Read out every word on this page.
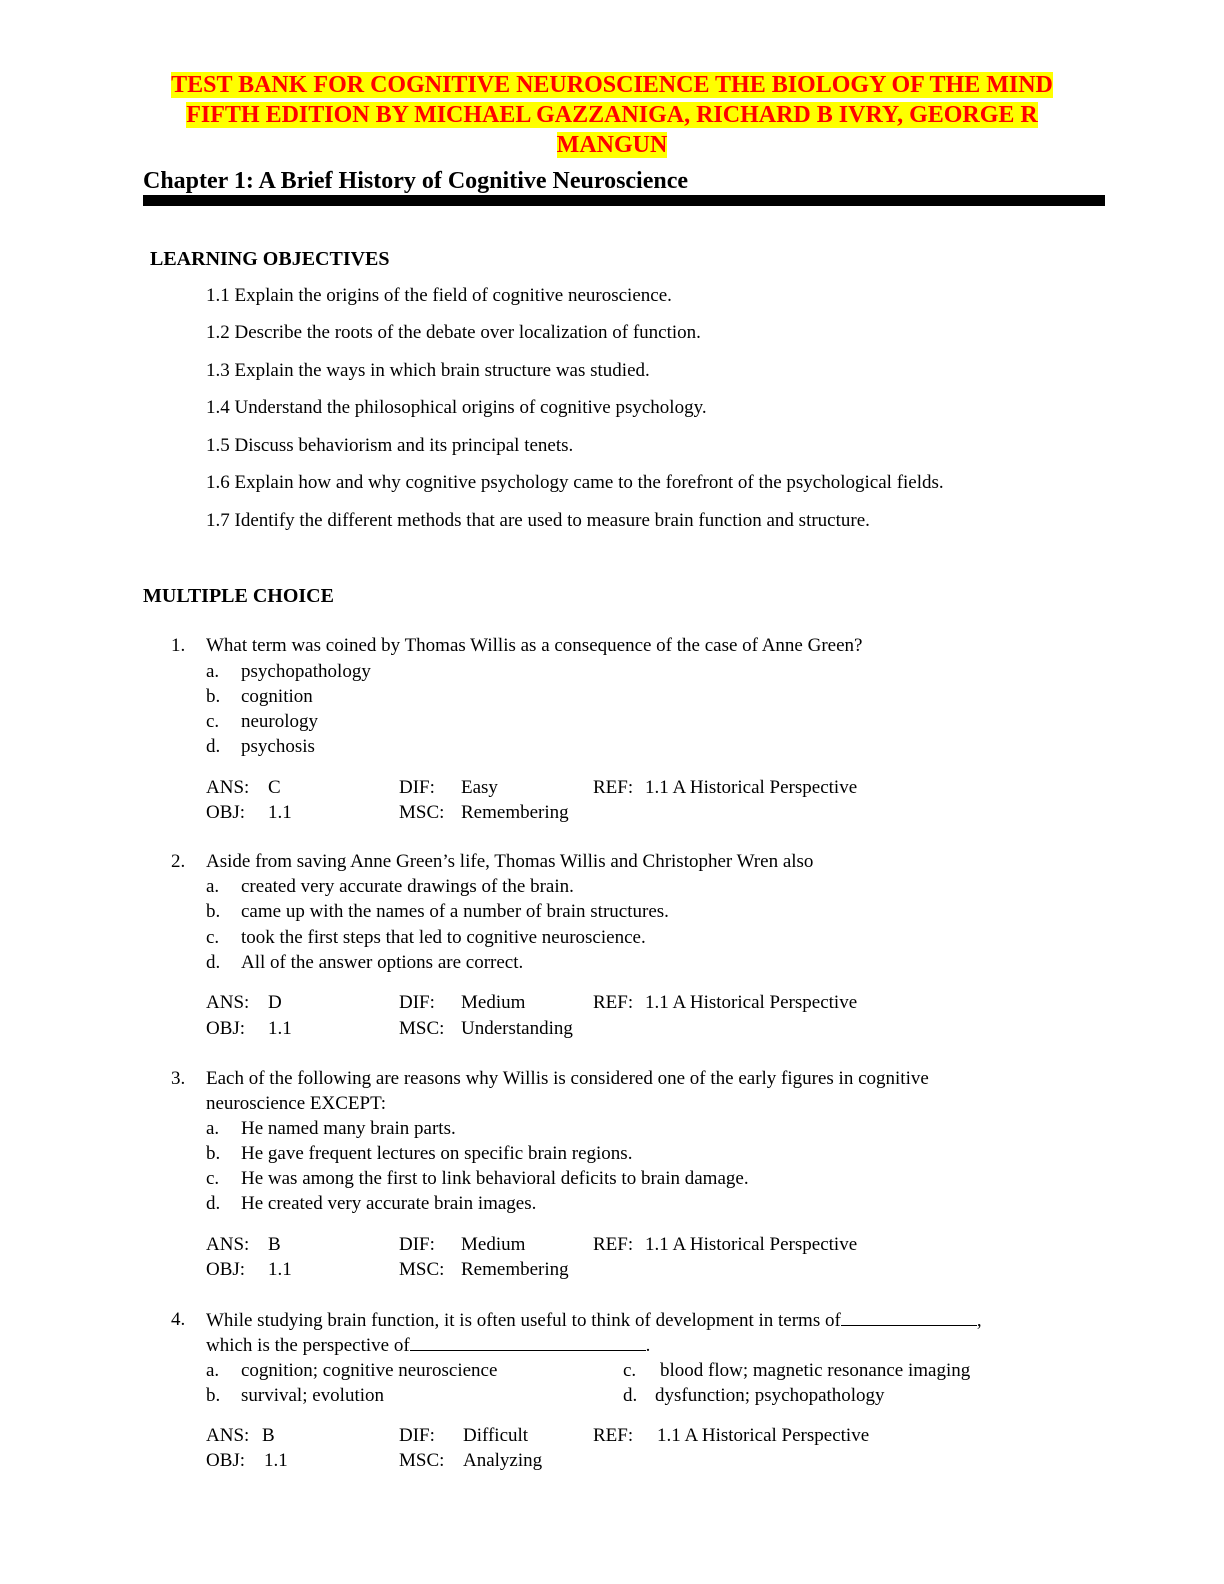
TEST BANK FOR COGNITIVE NEUROSCIENCE THE BIOLOGY OF THE MIND
FIFTH EDITION BY MICHAEL GAZZANIGA, RICHARD B IVRY, GEORGE R
MANGUN
Chapter 1: A Brief History of Cognitive Neuroscience
LEARNING OBJECTIVES
1.1 Explain the origins of the field of cognitive neuroscience.
1.2 Describe the roots of the debate over localization of function.
1.3 Explain the ways in which brain structure was studied.
1.4 Understand the philosophical origins of cognitive psychology.
1.5 Discuss behaviorism and its principal tenets.
1.6 Explain how and why cognitive psychology came to the forefront of the psychological fields.
1.7 Identify the different methods that are used to measure brain function and structure.
MULTIPLE CHOICE
1. What term was coined by Thomas Willis as a consequence of the case of Anne Green?
a. psychopathology
b. cognition
c. neurology
d. psychosis
ANS: C	DIF: Easy	REF: 1.1 A Historical Perspective
OBJ: 1.1	MSC: Remembering
2. Aside from saving Anne Green’s life, Thomas Willis and Christopher Wren also
a. created very accurate drawings of the brain.
b. came up with the names of a number of brain structures.
c. took the first steps that led to cognitive neuroscience.
d. All of the answer options are correct.
ANS: D	DIF: Medium	REF: 1.1 A Historical Perspective
OBJ: 1.1	MSC: Understanding
3. Each of the following are reasons why Willis is considered one of the early figures in cognitive
neuroscience EXCEPT:
a. He named many brain parts.
b. He gave frequent lectures on specific brain regions.
c. He was among the first to link behavioral deficits to brain damage.
d. He created very accurate brain images.
ANS: B	DIF: Medium	REF: 1.1 A Historical Perspective
OBJ: 1.1	MSC: Remembering
4. While studying brain function, it is often useful to think of development in terms of	,
which is the perspective of	.
a. cognition; cognitive neuroscience
b. survival; evolution
c. blood flow; magnetic resonance imaging
d. dysfunction; psychopathology
ANS: B	DIF: Difficult	REF: 1.1 A Historical Perspective
OBJ: 1.1	MSC: Analyzing
